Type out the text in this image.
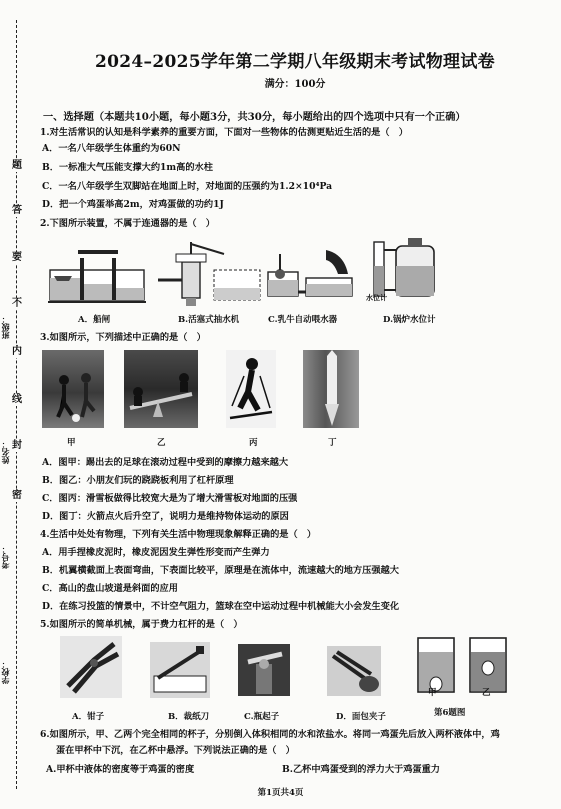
题
答
要
不
内
线
封
密
班级：
姓名：
考号：
学校：
2024–2025学年第二学期八年级期末考试物理试卷
满分：100分
一、选择题（本题共10小题，每小题3分，共30分，每小题给出的四个选项中只有一个正确）
1.对生活常识的认知是科学素养的重要方面，下面对一些物体的估测更贴近生活的是（　）
A．一名八年级学生体重约为60N
B．一标准大气压能支撑大约1m高的水柱
C．一名八年级学生双脚站在地面上时，对地面的压强约为1.2×10⁴Pa
D．把一个鸡蛋举高2m，对鸡蛋做的功约1J
2.下图所示装置，不属于连通器的是（　）
水位计
A．船闸	B.活塞式抽水机	C.乳牛自动喂水器	D.锅炉水位计
3.如图所示，下列描述中正确的是（　）
甲	乙	丙	丁
A．图甲：踢出去的足球在滚动过程中受到的摩擦力越来越大
B．图乙：小朋友们玩的跷跷板利用了杠杆原理
C．图丙：滑雪板做得比较宽大是为了增大滑雪板对地面的压强
D．图丁：火箭点火后升空了，说明力是维持物体运动的原因
4.生活中处处有物理，下列有关生活中物理现象解释正确的是（　）
A．用手捏橡皮泥时，橡皮泥因发生弹性形变而产生弹力
B．机翼横截面上表面弯曲，下表面比较平，原理是在流体中，流速越大的地方压强越大
C．高山的盘山坡道是斜面的应用
D．在练习投篮的情景中，不计空气阻力，篮球在空中运动过程中机械能大小会发生变化
5.如图所示的简单机械，属于费力杠杆的是（　）
甲	乙
A．钳子	B．裁纸刀	C.瓶起子	D．面包夹子	第6题图
6.如图所示，甲、乙两个完全相同的杯子，分别倒入体积相同的水和浓盐水。将同一鸡蛋先后放入两杯液体中，鸡
蛋在甲杯中下沉，在乙杯中悬浮。下列说法正确的是（　）
A.甲杯中液体的密度等于鸡蛋的密度	B.乙杯中鸡蛋受到的浮力大于鸡蛋重力
第1页共4页
